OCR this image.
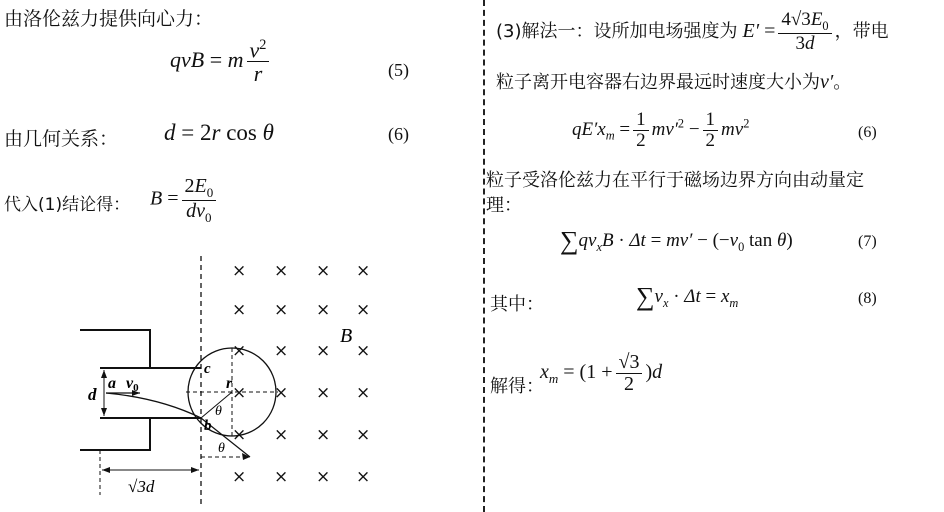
由洛伦兹力提供向心力：
qvB = m $\frac{v^2}{r}$	(5)
由几何关系： d = 2r cos θ	(6)
代入(1)结论得： $B = \frac{2E_0}{dv_0}$
× × × ×
× × × ×
× × × ×
× × × ×
× × × ×
× × × ×
B
d
a v0
c
r
b
θ
θ
√3d
(3)解法一：设所加电场强度为 $E' = \frac{4√3E_0}{3d}$ ，带电
粒子离开电容器右边界最远时速度大小为v′。
$qE'x_m = \frac{1}{2} mv'^2 - \frac{1}{2} mv^2$
(6)
粒子受洛伦兹力在平行于磁场边界方向由动量定
理：
$\sum qv_xB \cdot \Delta t = mv' - (-v_0$ tan θ)	(7)
其中：	$\sum v_x \cdot \Delta t = x_m$	(8)
解得：
$x_m = (1 + \frac{√3}{2} )d$
